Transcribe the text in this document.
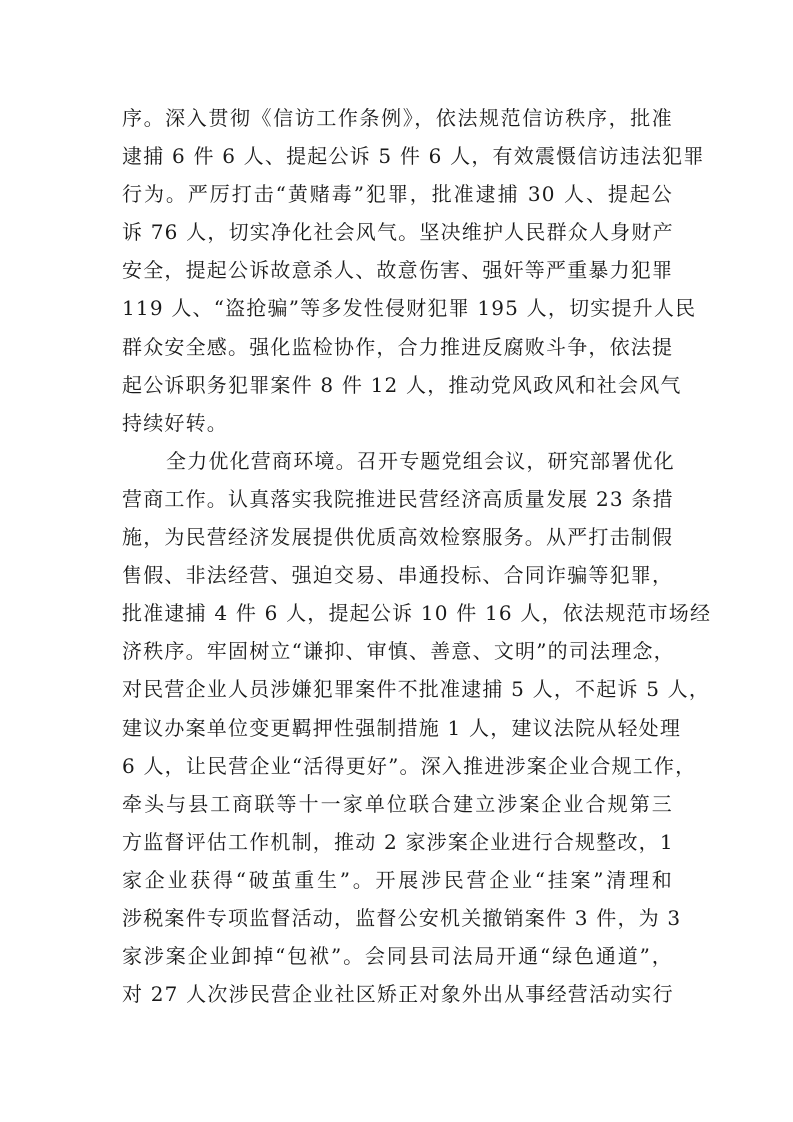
序。深入贯彻《信访工作条例》，依法规范信访秩序，批准
逮捕 6 件 6 人、提起公诉 5 件 6 人，有效震慑信访违法犯罪
行为。严厉打击“黄赌毒”犯罪，批准逮捕 30 人、提起公
诉 76 人，切实净化社会风气。坚决维护人民群众人身财产
安全，提起公诉故意杀人、故意伤害、强奸等严重暴力犯罪
119 人、“盗抢骗”等多发性侵财犯罪 195 人，切实提升人民
群众安全感。强化监检协作，合力推进反腐败斗争，依法提
起公诉职务犯罪案件 8 件 12 人，推动党风政风和社会风气
持续好转。
全力优化营商环境。召开专题党组会议，研究部署优化
营商工作。认真落实我院推进民营经济高质量发展 23 条措
施，为民营经济发展提供优质高效检察服务。从严打击制假
售假、非法经营、强迫交易、串通投标、合同诈骗等犯罪，
批准逮捕 4 件 6 人，提起公诉 10 件 16 人，依法规范市场经
济秩序。牢固树立“谦抑、审慎、善意、文明”的司法理念，
对民营企业人员涉嫌犯罪案件不批准逮捕 5 人，不起诉 5 人，
建议办案单位变更羁押性强制措施 1 人，建议法院从轻处理
6 人，让民营企业“活得更好”。深入推进涉案企业合规工作，
牵头与县工商联等十一家单位联合建立涉案企业合规第三
方监督评估工作机制，推动 2 家涉案企业进行合规整改，1
家企业获得“破茧重生”。开展涉民营企业“挂案”清理和
涉税案件专项监督活动，监督公安机关撤销案件 3 件，为 3
家涉案企业卸掉“包袱”。会同县司法局开通“绿色通道”，
对 27 人次涉民营企业社区矫正对象外出从事经营活动实行
